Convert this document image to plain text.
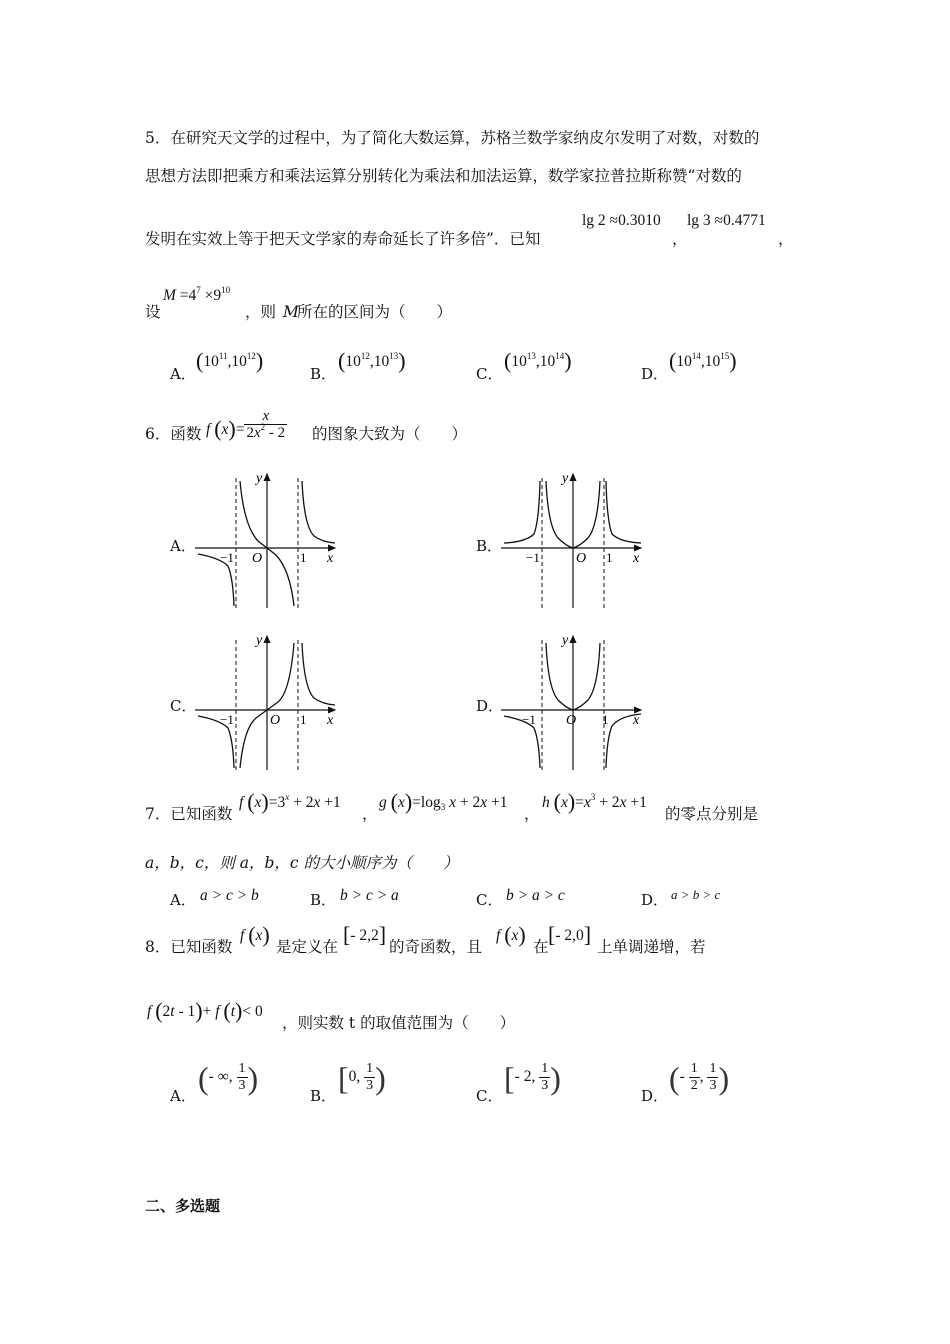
5．在研究天文学的过程中，为了简化大数运算，苏格兰数学家纳皮尔发明了对数，对数的
思想方法即把乘方和乘法运算分别转化为乘法和加法运算，数学家拉普拉斯称赞“对数的
发明在实效上等于把天文学家的寿命延长了许多倍”．已知
lg 2 ≈0.3010
，
lg 3 ≈0.4771
，
设
$M =4^7 \times 9^{10}$
，则 M
所在的区间为（　　）
A．
$(10^{11},10^{12})$
B．
$(10^{12},10^{13})$
C．
$(10^{13},10^{14})$
D．
$(10^{14},10^{15})$
6．函数 f $(x)= \frac{x}{2x^2 - 2}$ 的图象大致为（　　）
A．	B．
C．	D．
y
x
O
−1	1
y
x
O
−1	1
y
x
O
−1	1
y
x
O
−1	1
7．已知函数
f $(x)=3^x + 2x +1$
，
g $(x)=\log_3$ x + 2x +1
，
h $(x)=x^3 + 2x +1$
的零点分别是
a，b，c，则 a，b，c 的大小顺序为（　　）
A． a > c > b	B． b > c > a	C． b > a > c	D． a > b > c
8．已知函数
f (x) 是定义在 [- 2,2] 的奇函数，且
f (x) 在 [- 2,0] 上单调递增，若
f (2t - 1)+ f (t)< 0
，则实数 t 的取值范围为（　　）
A． (- ∞, $\frac{1}{3}$ )	B． [0, $\frac{1}{3}$ )	C． [- 2, $\frac{1}{3}$ )	D． (- $\frac{1}{2}$ , $\frac{1}{3}$ )
二、多选题
